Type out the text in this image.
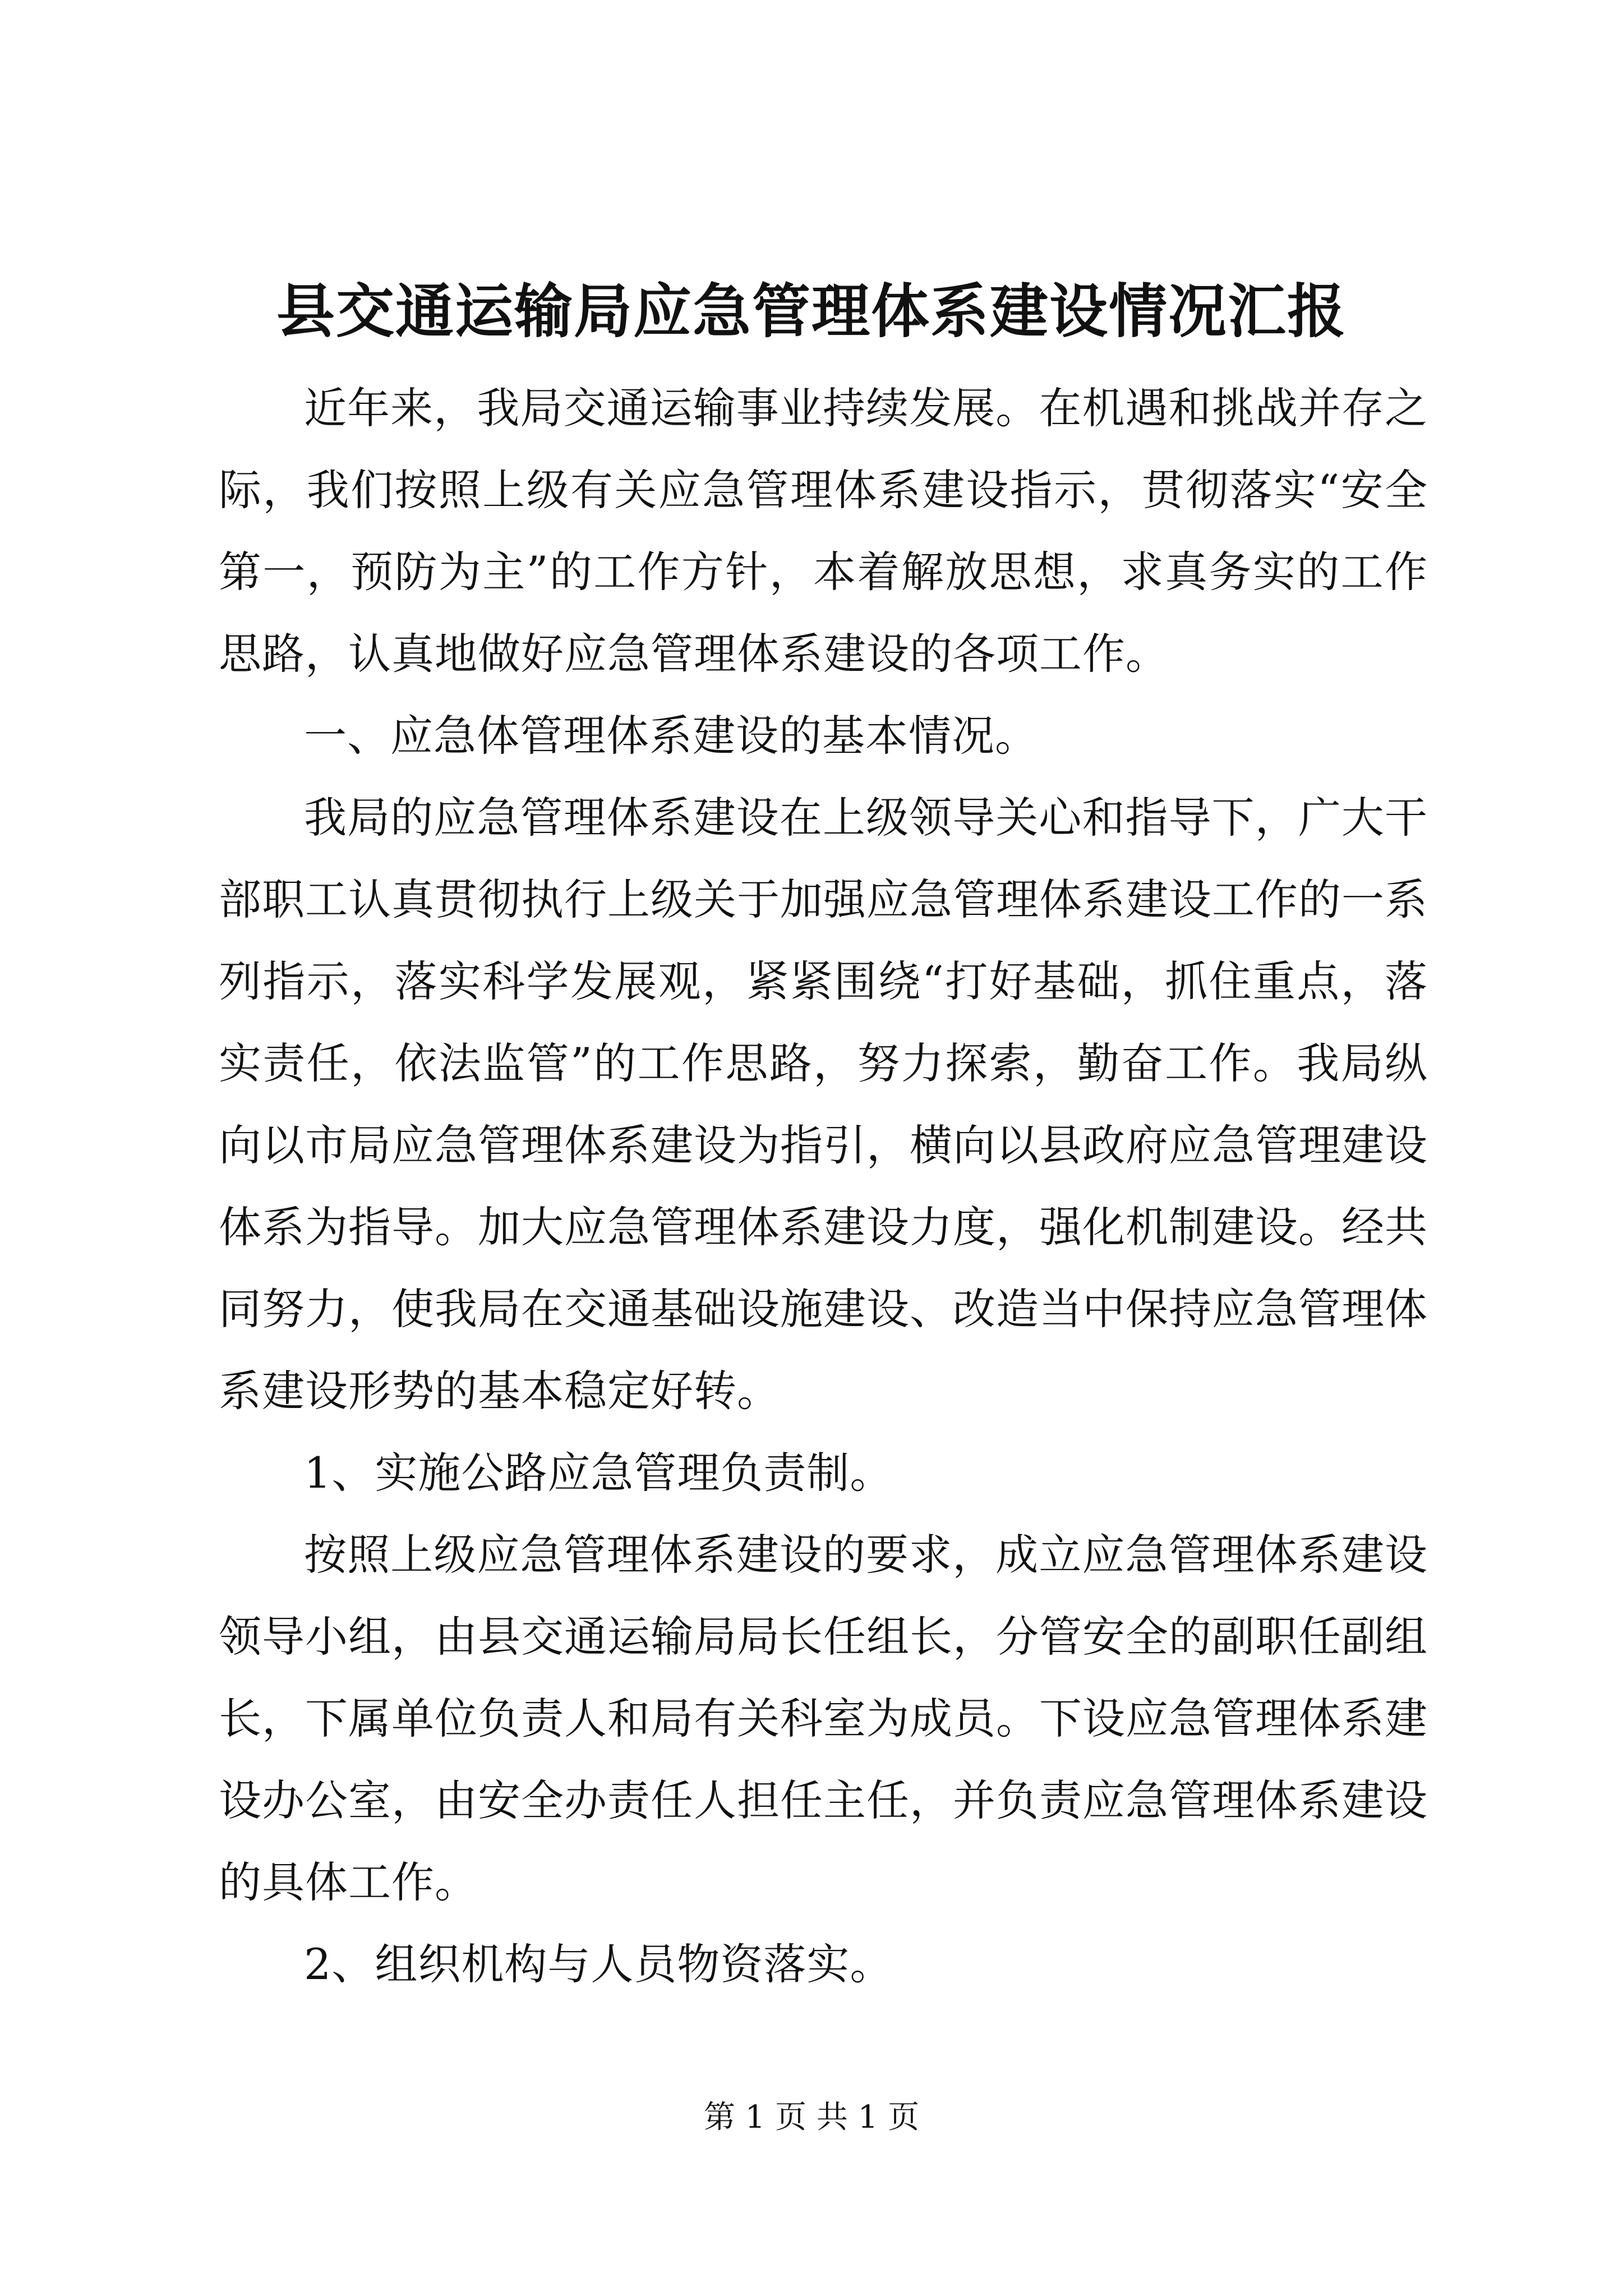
县交通运输局应急管理体系建设情况汇报

近年来，我局交通运输事业持续发展。在机遇和挑战并存之际，我们按照上级有关应急管理体系建设指示，贯彻落实“安全第一，预防为主”的工作方针，本着解放思想，求真务实的工作思路，认真地做好应急管理体系建设的各项工作。

一、应急体管理体系建设的基本情况。

我局的应急管理体系建设在上级领导关心和指导下，广大干部职工认真贯彻执行上级关于加强应急管理体系建设工作的一系列指示，落实科学发展观，紧紧围绕“打好基础，抓住重点，落实责任，依法监管”的工作思路，努力探索，勤奋工作。我局纵向以市局应急管理体系建设为指引，横向以县政府应急管理建设体系为指导。加大应急管理体系建设力度，强化机制建设。经共同努力，使我局在交通基础设施建设、改造当中保持应急管理体系建设形势的基本稳定好转。

1、实施公路应急管理负责制。

按照上级应急管理体系建设的要求，成立应急管理体系建设领导小组，由县交通运输局局长任组长，分管安全的副职任副组长，下属单位负责人和局有关科室为成员。下设应急管理体系建设办公室，由安全办责任人担任主任，并负责应急管理体系建设的具体工作。

2、组织机构与人员物资落实。

第 1 页 共 1 页
